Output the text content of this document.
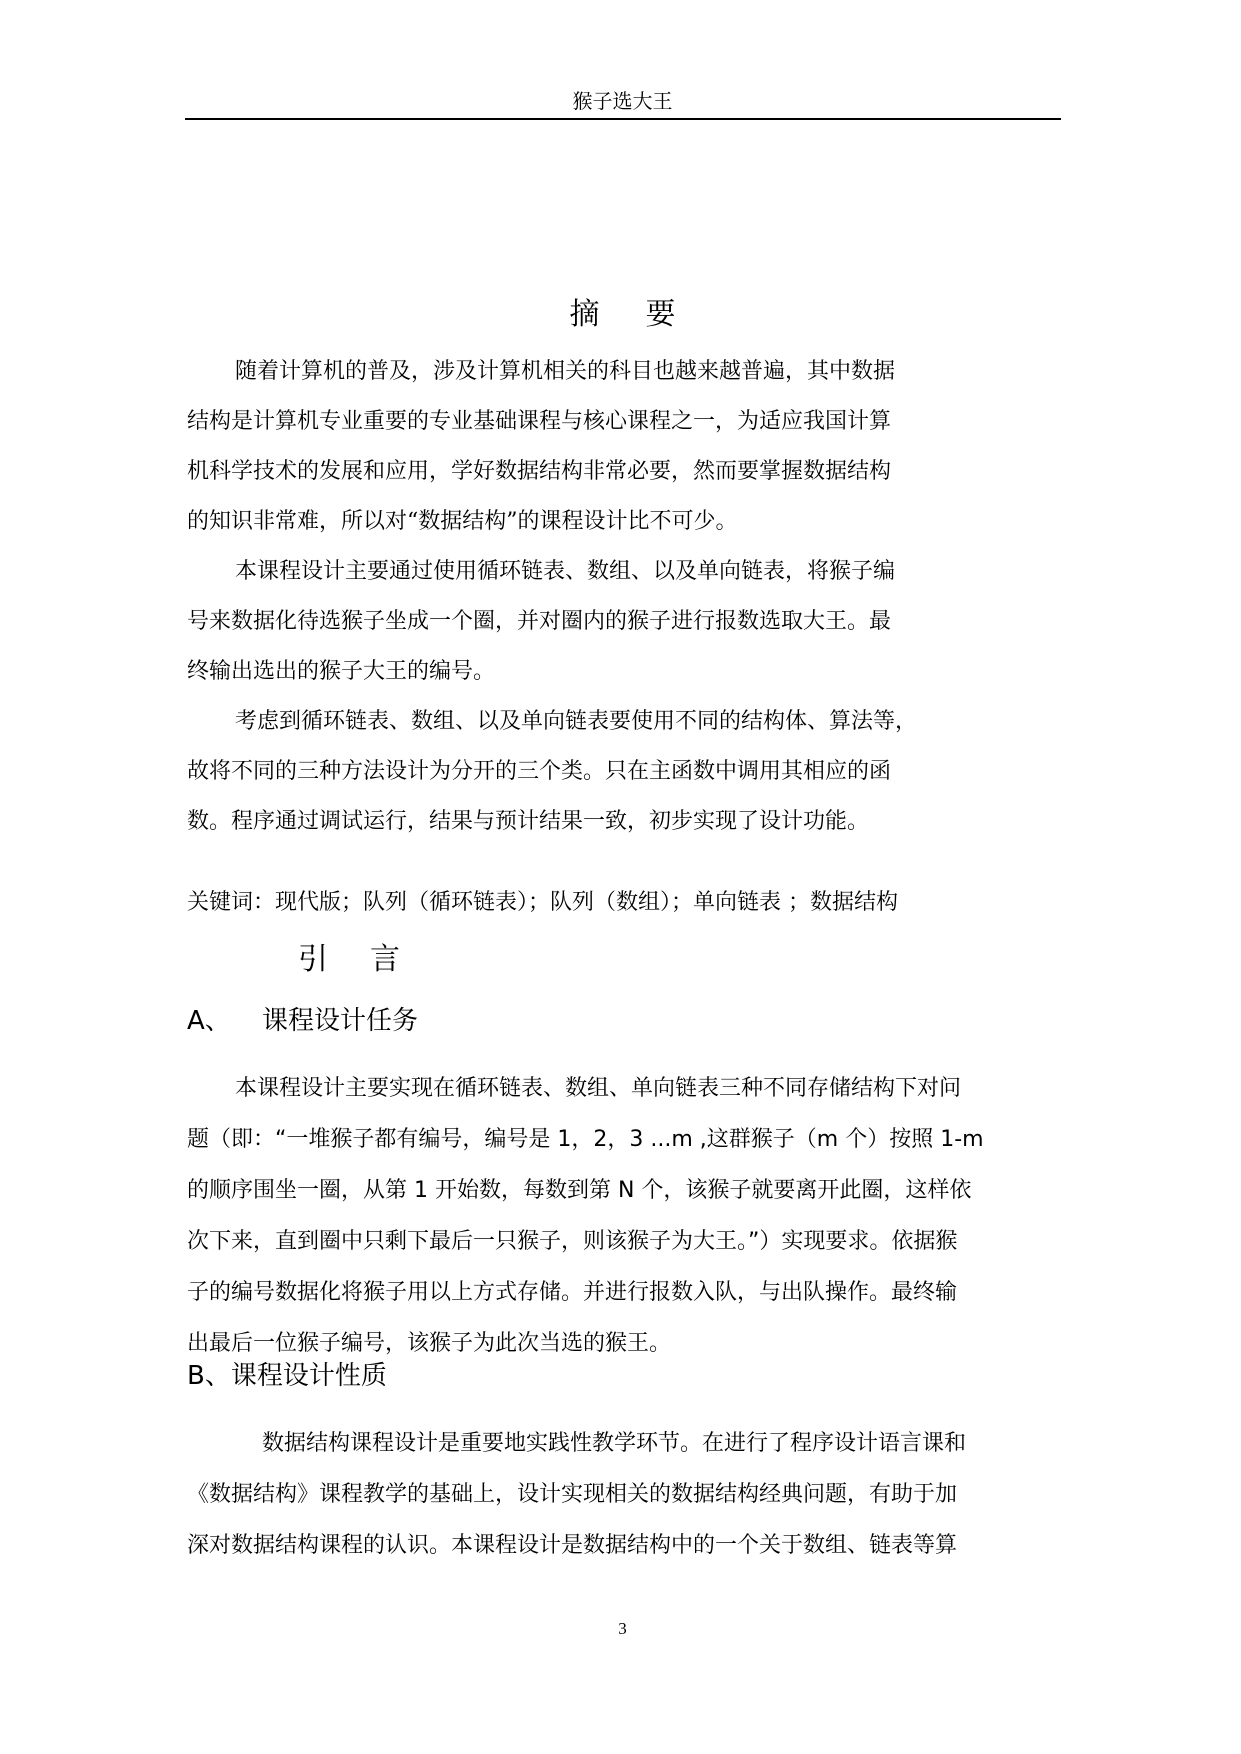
猴子选大王
摘要
随着计算机的普及，涉及计算机相关的科目也越来越普遍，其中数据
结构是计算机专业重要的专业基础课程与核心课程之一，为适应我国计算
机科学技术的发展和应用，学好数据结构非常必要，然而要掌握数据结构
的知识非常难，所以对“数据结构”的课程设计比不可少。
本课程设计主要通过使用循环链表、数组、以及单向链表，将猴子编
号来数据化待选猴子坐成一个圈，并对圈内的猴子进行报数选取大王。最
终输出选出的猴子大王的编号。
考虑到循环链表、数组、以及单向链表要使用不同的结构体、算法等，
故将不同的三种方法设计为分开的三个类。只在主函数中调用其相应的函
数。程序通过调试运行，结果与预计结果一致，初步实现了设计功能。
关键词：现代版；队列（循环链表）；队列（数组）；单向链表 ；数据结构
引言
A、 课程设计任务
本课程设计主要实现在循环链表、数组、单向链表三种不同存储结构下对问
题（即：“一堆猴子都有编号，编号是 1，2，3 ...m ,这群猴子（m 个）按照 1-m
的顺序围坐一圈，从第 1 开始数，每数到第 N 个，该猴子就要离开此圈，这样依
次下来，直到圈中只剩下最后一只猴子，则该猴子为大王。”）实现要求。依据猴
子的编号数据化将猴子用以上方式存储。并进行报数入队，与出队操作。最终输
出最后一位猴子编号，该猴子为此次当选的猴王。
B、课程设计性质
数据结构课程设计是重要地实践性教学环节。在进行了程序设计语言课和
《数据结构》课程教学的基础上，设计实现相关的数据结构经典问题，有助于加
深对数据结构课程的认识。本课程设计是数据结构中的一个关于数组、链表等算
3
